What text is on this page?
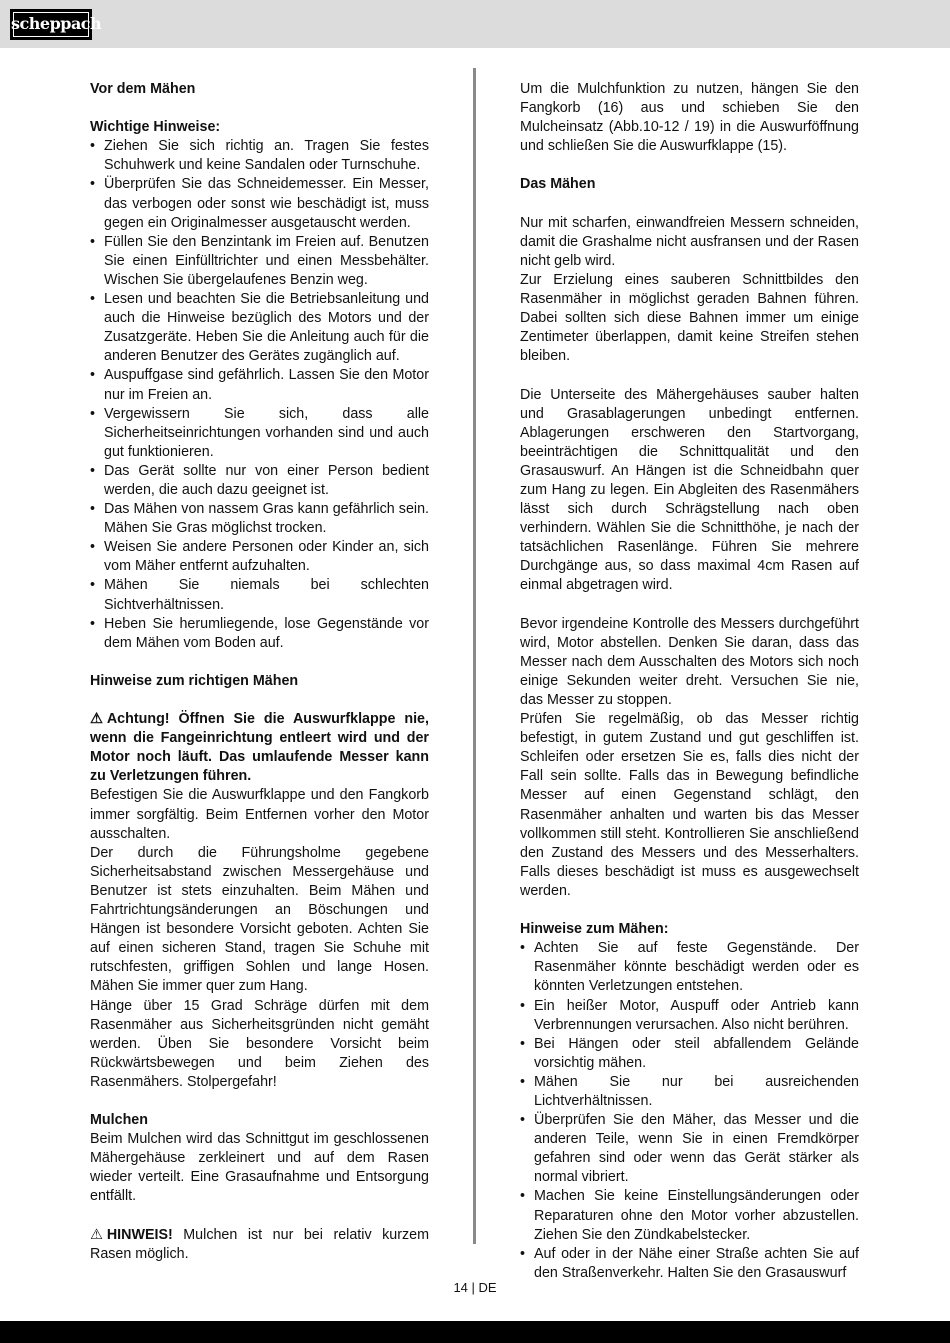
scheppach

Vor dem Mähen

Wichtige Hinweise:

• Ziehen Sie sich richtig an. Tragen Sie festes Schuhwerk und keine Sandalen oder Turnschuhe.
• Überprüfen Sie das Schneidemesser. Ein Messer, das verbogen oder sonst wie beschädigt ist, muss gegen ein Originalmesser ausgetauscht werden.
• Füllen Sie den Benzintank im Freien auf. Benutzen Sie einen Einfülltrichter und einen Messbehälter. Wischen Sie übergelaufenes Benzin weg.
• Lesen und beachten Sie die Betriebsanleitung und auch die Hinweise bezüglich des Motors und der Zusatzgeräte. Heben Sie die Anleitung auch für die anderen Benutzer des Gerätes zugänglich auf.
• Auspuffgase sind gefährlich. Lassen Sie den Motor nur im Freien an.
• Vergewissern Sie sich, dass alle Sicherheitseinrichtungen vorhanden sind und auch gut funktionieren.
• Das Gerät sollte nur von einer Person bedient werden, die auch dazu geeignet ist.
• Das Mähen von nassem Gras kann gefährlich sein. Mähen Sie Gras möglichst trocken.
• Weisen Sie andere Personen oder Kinder an, sich vom Mäher entfernt aufzuhalten.
• Mähen Sie niemals bei schlechten Sichtverhältnissen.
• Heben Sie herumliegende, lose Gegenstände vor dem Mähen vom Boden auf.

Hinweise zum richtigen Mähen

⚠ Achtung! Öffnen Sie die Auswurfklappe nie, wenn die Fangeinrichtung entleert wird und der Motor noch läuft. Das umlaufende Messer kann zu Verletzungen führen.

Befestigen Sie die Auswurfklappe und den Fangkorb immer sorgfältig. Beim Entfernen vorher den Motor ausschalten.

Der durch die Führungsholme gegebene Sicherheitsabstand zwischen Messergehäuse und Benutzer ist stets einzuhalten. Beim Mähen und Fahrtrichtungsänderungen an Böschungen und Hängen ist besondere Vorsicht geboten. Achten Sie auf einen sicheren Stand, tragen Sie Schuhe mit rutschfesten, griffigen Sohlen und lange Hosen. Mähen Sie immer quer zum Hang.

Hänge über 15 Grad Schräge dürfen mit dem Rasenmäher aus Sicherheitsgründen nicht gemäht werden. Üben Sie besondere Vorsicht beim Rückwärtsbewegen und beim Ziehen des Rasenmähers. Stolpergefahr!

Mulchen

Beim Mulchen wird das Schnittgut im geschlossenen Mähergehäuse zerkleinert und auf dem Rasen wieder verteilt. Eine Grasaufnahme und Entsorgung entfällt.

⚠ HINWEIS! Mulchen ist nur bei relativ kurzem Rasen möglich.

Um die Mulchfunktion zu nutzen, hängen Sie den Fangkorb (16) aus und schieben Sie den Mulcheinsatz (Abb.10-12 / 19) in die Auswurföffnung und schließen Sie die Auswurfklappe (15).

Das Mähen

Nur mit scharfen, einwandfreien Messern schneiden, damit die Grashalme nicht ausfransen und der Rasen nicht gelb wird.

Zur Erzielung eines sauberen Schnittbildes den Rasenmäher in möglichst geraden Bahnen führen. Dabei sollten sich diese Bahnen immer um einige Zentimeter überlappen, damit keine Streifen stehen bleiben.

Die Unterseite des Mähergehäuses sauber halten und Grasablagerungen unbedingt entfernen. Ablagerungen erschweren den Startvorgang, beeinträchtigen die Schnittqualität und den Grasauswurf. An Hängen ist die Schneidbahn quer zum Hang zu legen. Ein Abgleiten des Rasenmähers lässt sich durch Schrägstellung nach oben verhindern. Wählen Sie die Schnitthöhe, je nach der tatsächlichen Rasenlänge. Führen Sie mehrere Durchgänge aus, so dass maximal 4cm Rasen auf einmal abgetragen wird.

Bevor irgendeine Kontrolle des Messers durchgeführt wird, Motor abstellen. Denken Sie daran, dass das Messer nach dem Ausschalten des Motors sich noch einige Sekunden weiter dreht. Versuchen Sie nie, das Messer zu stoppen.

Prüfen Sie regelmäßig, ob das Messer richtig befestigt, in gutem Zustand und gut geschliffen ist. Schleifen oder ersetzen Sie es, falls dies nicht der Fall sein sollte. Falls das in Bewegung befindliche Messer auf einen Gegenstand schlägt, den Rasenmäher anhalten und warten bis das Messer vollkommen still steht. Kontrollieren Sie anschließend den Zustand des Messers und des Messerhalters. Falls dieses beschädigt ist muss es ausgewechselt werden.

Hinweise zum Mähen:

• Achten Sie auf feste Gegenstände. Der Rasenmäher könnte beschädigt werden oder es könnten Verletzungen entstehen.
• Ein heißer Motor, Auspuff oder Antrieb kann Verbrennungen verursachen. Also nicht berühren.
• Bei Hängen oder steil abfallendem Gelände vorsichtig mähen.
• Mähen Sie nur bei ausreichenden Lichtverhältnissen.
• Überprüfen Sie den Mäher, das Messer und die anderen Teile, wenn Sie in einen Fremdkörper gefahren sind oder wenn das Gerät stärker als normal vibriert.
• Machen Sie keine Einstellungsänderungen oder Reparaturen ohne den Motor vorher abzustellen. Ziehen Sie den Zündkabelstecker.
• Auf oder in der Nähe einer Straße achten Sie auf den Straßenverkehr. Halten Sie den Grasauswurf
14 | DE
